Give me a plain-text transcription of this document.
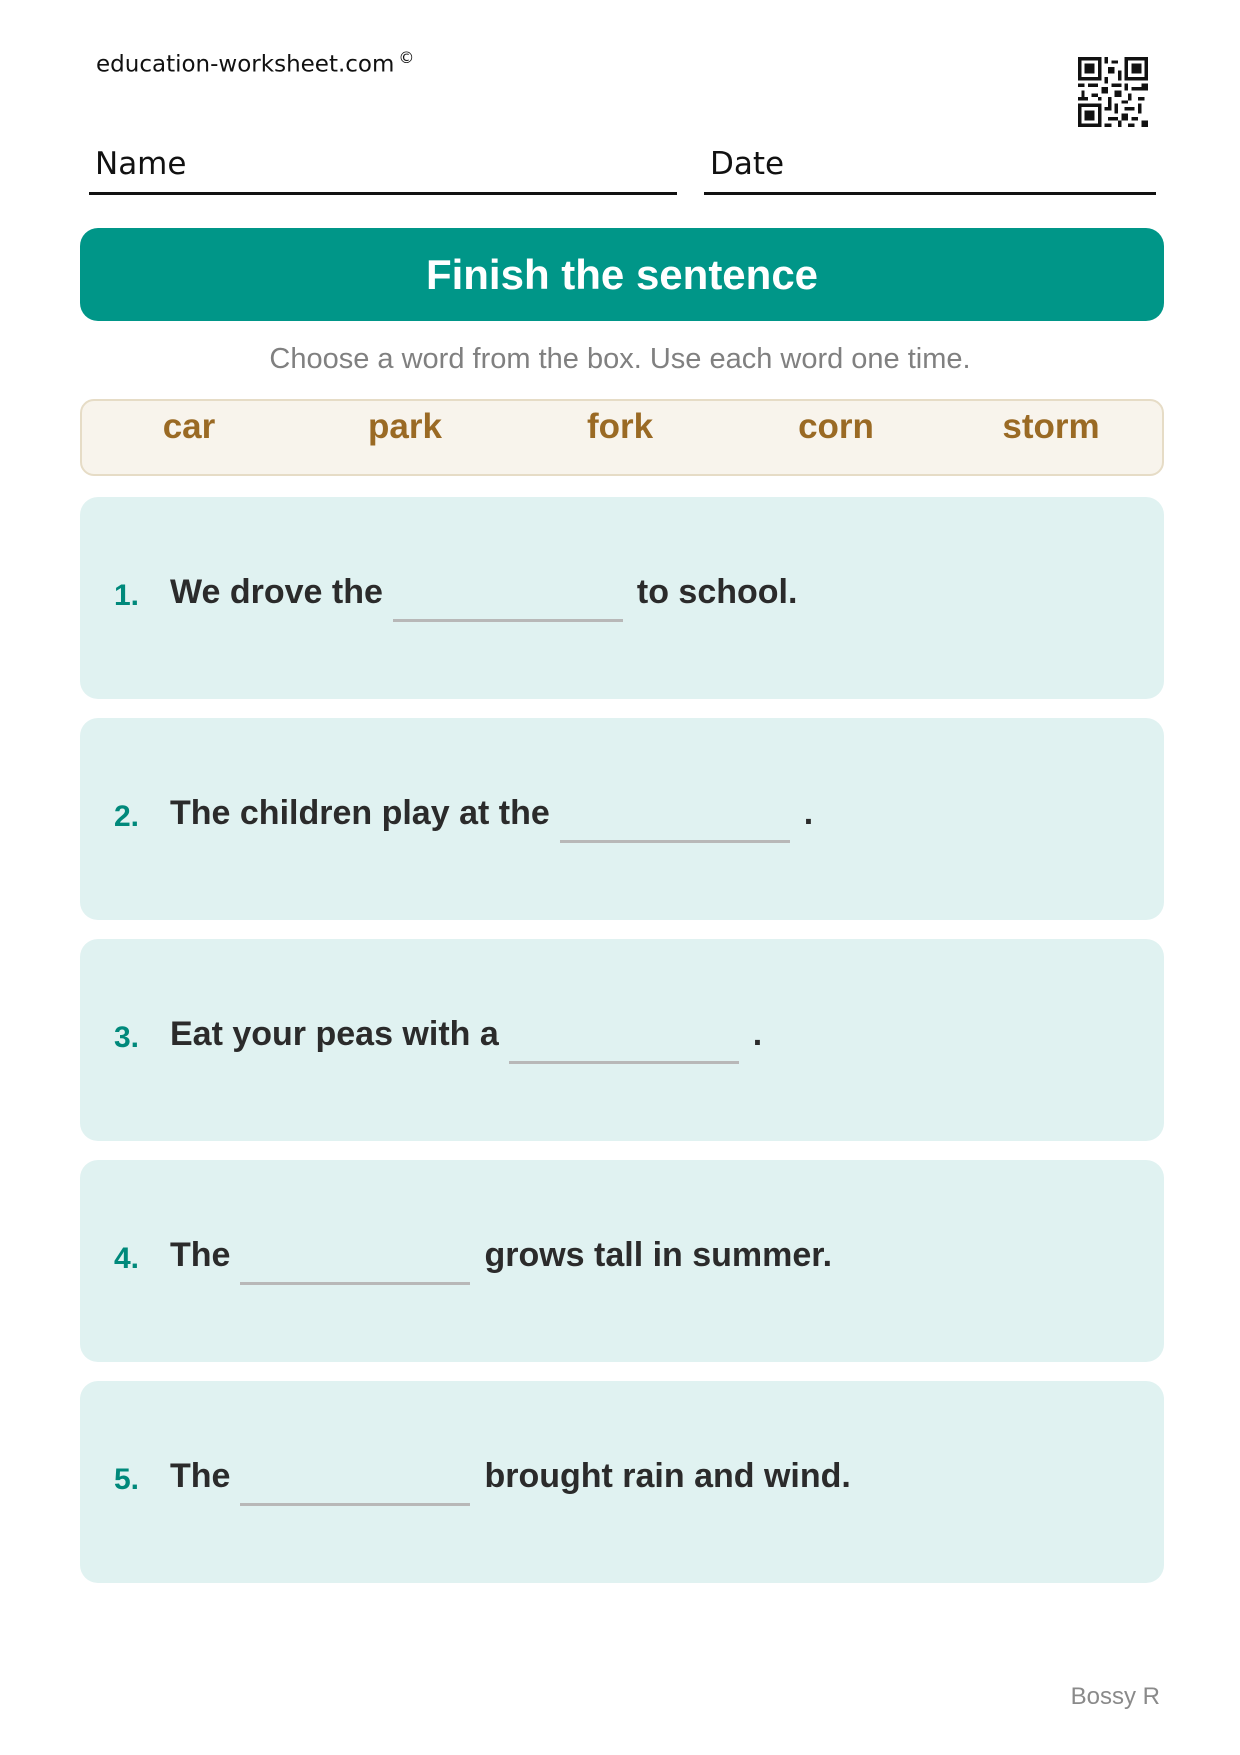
education-worksheet.com ©
Name	Date
Finish the sentence
Choose a word from the box. Use each word one time.
car	park	fork	corn	storm
1. We drove the	to school.
2. The children play at the	.
3. Eat your peas with a	.
4. The	grows tall in summer.
5. The	brought rain and wind.
Bossy R
